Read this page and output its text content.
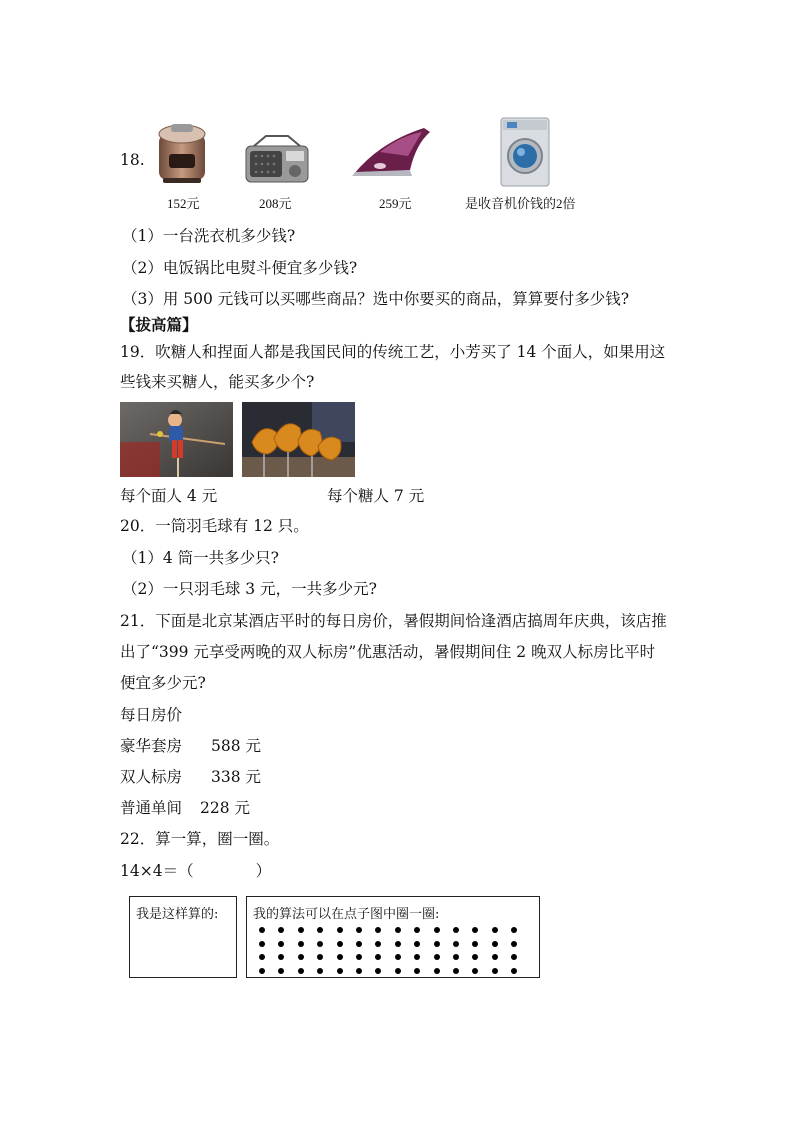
18.
152元	208元	259元	是收音机价钱的2倍
（1）一台洗衣机多少钱?
（2）电饭锅比电熨斗便宜多少钱?
（3）用 500 元钱可以买哪些商品？选中你要买的商品，算算要付多少钱?
【拔高篇】
19．吹糖人和捏面人都是我国民间的传统工艺，小芳买了 14 个面人，如果用这
些钱来买糖人，能买多少个?
每个面人 4 元	每个糖人 7 元
20．一筒羽毛球有 12 只。
（1）4 筒一共多少只?
（2）一只羽毛球 3 元，一共多少元?
21．下面是北京某酒店平时的每日房价，暑假期间恰逢酒店搞周年庆典，该店推
出了“399 元享受两晚的双人标房”优惠活动，暑假期间住 2 晚双人标房比平时
便宜多少元?
每日房价
豪华套房 588 元
双人标房 338 元
普通单间 228 元
22．算一算，圈一圈。
14×4＝（　　　　）
我是这样算的:	我的算法可以在点子图中圈一圈:
